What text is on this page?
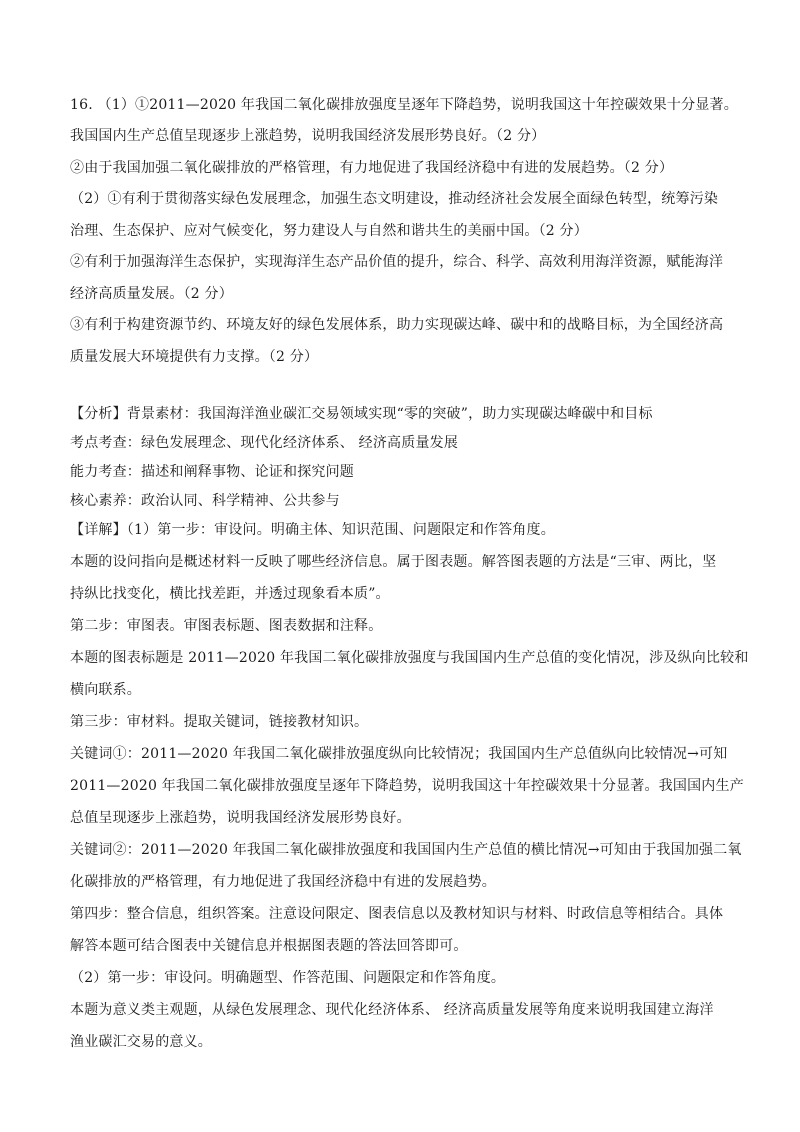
16. （1）①2011—2020 年我国二氧化碳排放强度呈逐年下降趋势，说明我国这十年控碳效果十分显著。
我国国内生产总值呈现逐步上涨趋势，说明我国经济发展形势良好。（2 分）
②由于我国加强二氧化碳排放的严格管理，有力地促进了我国经济稳中有进的发展趋势。（2 分）
（2）①有利于贯彻落实绿色发展理念，加强生态文明建设，推动经济社会发展全面绿色转型，统筹污染
治理、生态保护、应对气候变化，努力建设人与自然和谐共生的美丽中国。（2 分）
②有利于加强海洋生态保护，实现海洋生态产品价值的提升，综合、科学、高效利用海洋资源，赋能海洋
经济高质量发展。（2 分）
③有利于构建资源节约、环境友好的绿色发展体系，助力实现碳达峰、碳中和的战略目标，为全国经济高
质量发展大环境提供有力支撑。（2 分）
【分析】背景素材：我国海洋渔业碳汇交易领域实现“零的突破”，助力实现碳达峰碳中和目标
考点考查：绿色发展理念、现代化经济体系、 经济高质量发展
能力考查：描述和阐释事物、论证和探究问题
核心素养：政治认同、科学精神、公共参与
【详解】（1）第一步：审设问。明确主体、知识范围、问题限定和作答角度。
本题的设问指向是概述材料一反映了哪些经济信息。属于图表题。解答图表题的方法是“三审、两比，坚
持纵比找变化，横比找差距，并透过现象看本质”。
第二步：审图表。审图表标题、图表数据和注释。
本题的图表标题是 2011—2020 年我国二氧化碳排放强度与我国国内生产总值的变化情况，涉及纵向比较和
横向联系。
第三步：审材料。提取关键词，链接教材知识。
关键词①：2011—2020 年我国二氧化碳排放强度纵向比较情况；我国国内生产总值纵向比较情况→可知
2011—2020 年我国二氧化碳排放强度呈逐年下降趋势，说明我国这十年控碳效果十分显著。我国国内生产
总值呈现逐步上涨趋势，说明我国经济发展形势良好。
关键词②：2011—2020 年我国二氧化碳排放强度和我国国内生产总值的横比情况→可知由于我国加强二氧
化碳排放的严格管理，有力地促进了我国经济稳中有进的发展趋势。
第四步：整合信息，组织答案。注意设问限定、图表信息以及教材知识与材料、时政信息等相结合。具体
解答本题可结合图表中关键信息并根据图表题的答法回答即可。
（2）第一步：审设问。明确题型、作答范围、问题限定和作答角度。
本题为意义类主观题，从绿色发展理念、现代化经济体系、 经济高质量发展等角度来说明我国建立海洋
渔业碳汇交易的意义。
